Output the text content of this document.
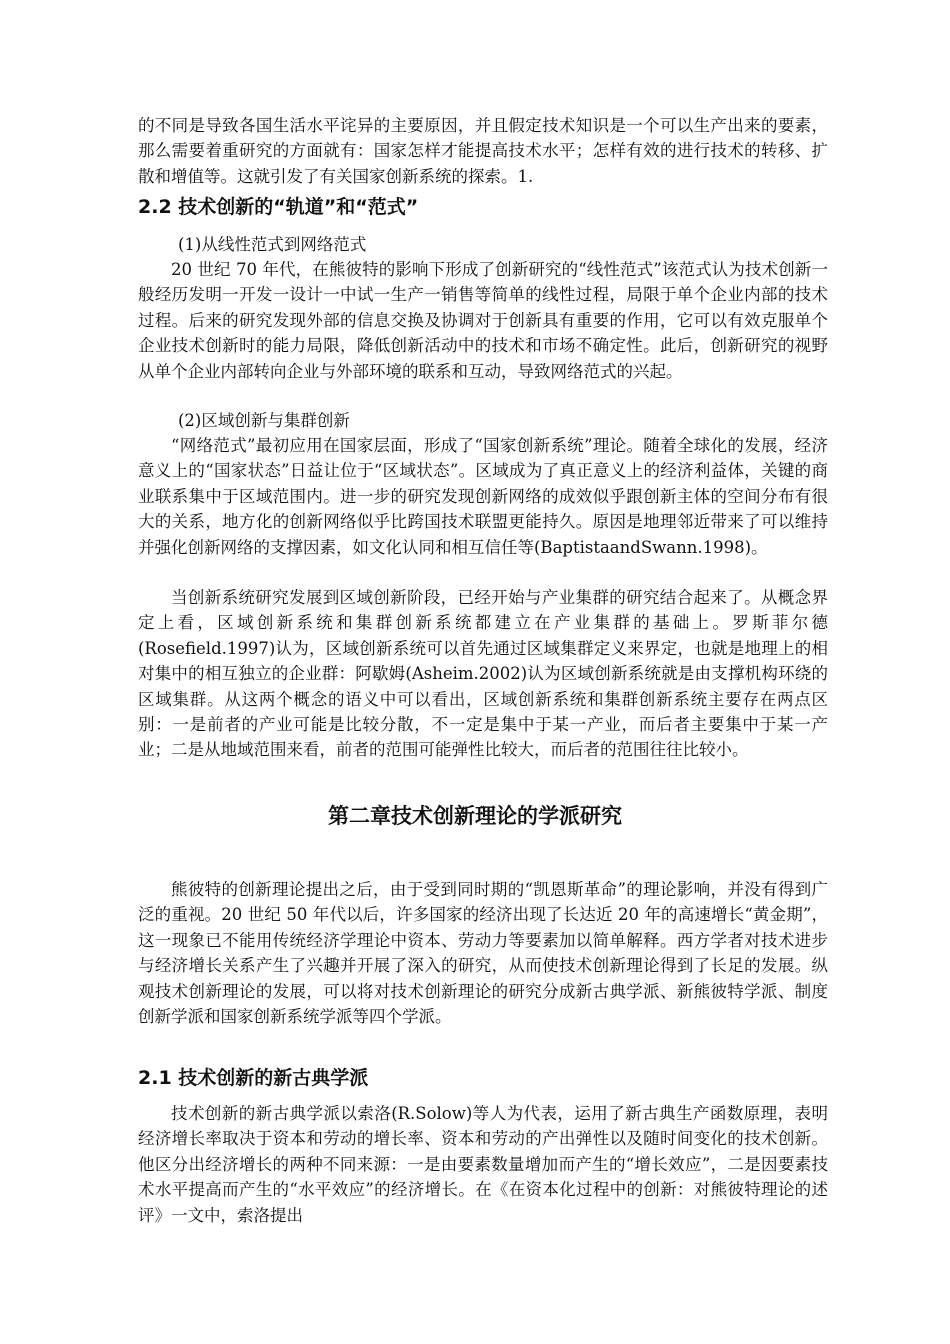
的不同是导致各国生活水平诧异的主要原因，并且假定技术知识是一个可以生产出来的要素，那么需要着重研究的方面就有：国家怎样才能提高技术水平；怎样有效的进行技术的转移、扩散和增值等。这就引发了有关国家创新系统的探索。1.

2.2 技术创新的“轨道”和“范式”

(1)从线性范式到网络范式

20 世纪 70 年代，在熊彼特的影响下形成了创新研究的“线性范式”该范式认为技术创新一般经历发明一开发一设计一中试一生产一销售等简单的线性过程，局限于单个企业内部的技术过程。后来的研究发现外部的信息交换及协调对于创新具有重要的作用，它可以有效克服单个企业技术创新时的能力局限，降低创新活动中的技术和市场不确定性。此后，创新研究的视野从单个企业内部转向企业与外部环境的联系和互动，导致网络范式的兴起。

(2)区域创新与集群创新

“网络范式”最初应用在国家层面，形成了“国家创新系统”理论。随着全球化的发展，经济意义上的“国家状态”日益让位于“区域状态”。区域成为了真正意义上的经济利益体，关键的商业联系集中于区域范围内。进一步的研究发现创新网络的成效似乎跟创新主体的空间分布有很大的关系，地方化的创新网络似乎比跨国技术联盟更能持久。原因是地理邻近带来了可以维持并强化创新网络的支撑因素，如文化认同和相互信任等(BaptistaandSwann.1998)。

当创新系统研究发展到区域创新阶段，已经开始与产业集群的研究结合起来了。从概念界定上看，区域创新系统和集群创新系统都建立在产业集群的基础上。罗斯菲尔德(Rosefield.1997)认为，区域创新系统可以首先通过区域集群定义来界定，也就是地理上的相对集中的相互独立的企业群：阿歇姆(Asheim.2002)认为区域创新系统就是由支撑机构环绕的区域集群。从这两个概念的语义中可以看出，区域创新系统和集群创新系统主要存在两点区别：一是前者的产业可能是比较分散，不一定是集中于某一产业，而后者主要集中于某一产业；二是从地域范围来看，前者的范围可能弹性比较大，而后者的范围往往比较小。

第二章技术创新理论的学派研究

熊彼特的创新理论提出之后，由于受到同时期的“凯恩斯革命”的理论影响，并没有得到广泛的重视。20 世纪 50 年代以后，许多国家的经济出现了长达近 20 年的高速增长“黄金期”，这一现象已不能用传统经济学理论中资本、劳动力等要素加以简单解释。西方学者对技术进步与经济增长关系产生了兴趣并开展了深入的研究，从而使技术创新理论得到了长足的发展。纵观技术创新理论的发展，可以将对技术创新理论的研究分成新古典学派、新熊彼特学派、制度创新学派和国家创新系统学派等四个学派。

2.1 技术创新的新古典学派

技术创新的新古典学派以索洛(R.Solow)等人为代表，运用了新古典生产函数原理，表明经济增长率取决于资本和劳动的增长率、资本和劳动的产出弹性以及随时间变化的技术创新。他区分出经济增长的两种不同来源：一是由要素数量增加而产生的“增长效应”，二是因要素技术水平提高而产生的“水平效应”的经济增长。在《在资本化过程中的创新：对熊彼特理论的述评》一文中，索洛提出
